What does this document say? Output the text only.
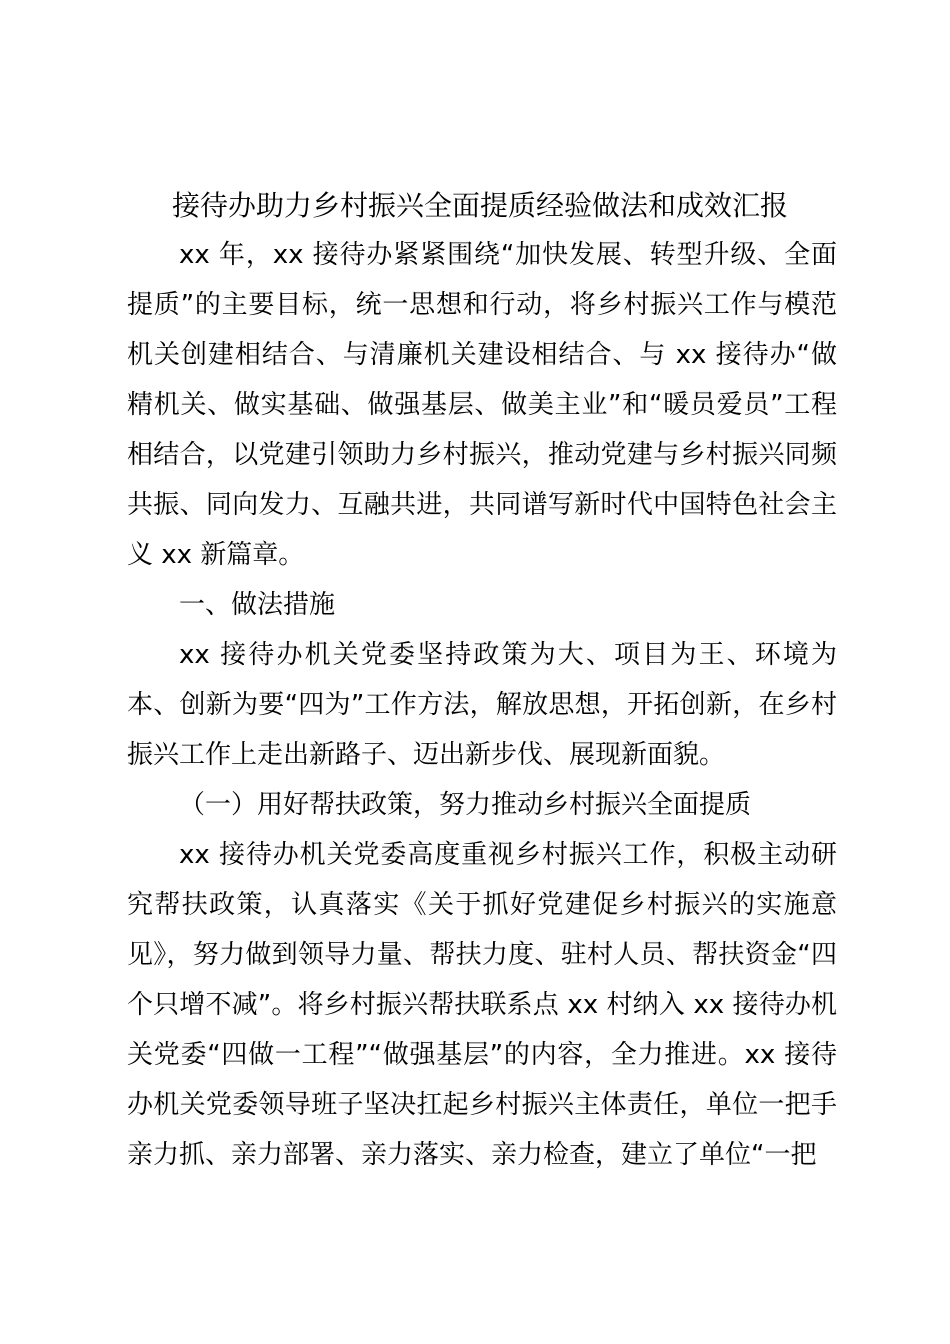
接待办助力乡村振兴全面提质经验做法和成效汇报

xx 年，xx 接待办紧紧围绕“加快发展、转型升级、全面提质”的主要目标，统一思想和行动，将乡村振兴工作与模范机关创建相结合、与清廉机关建设相结合、与 xx 接待办“做精机关、做实基础、做强基层、做美主业”和“暖员爱员”工程相结合，以党建引领助力乡村振兴，推动党建与乡村振兴同频共振、同向发力、互融共进，共同谱写新时代中国特色社会主义 xx 新篇章。

一、做法措施

xx 接待办机关党委坚持政策为大、项目为王、环境为本、创新为要“四为”工作方法，解放思想，开拓创新，在乡村振兴工作上走出新路子、迈出新步伐、展现新面貌。

（一）用好帮扶政策，努力推动乡村振兴全面提质

xx 接待办机关党委高度重视乡村振兴工作，积极主动研究帮扶政策，认真落实《关于抓好党建促乡村振兴的实施意见》，努力做到领导力量、帮扶力度、驻村人员、帮扶资金“四个只增不减”。将乡村振兴帮扶联系点 xx 村纳入 xx 接待办机关党委“四做一工程”“做强基层”的内容，全力推进。xx 接待办机关党委领导班子坚决扛起乡村振兴主体责任，单位一把手亲力抓、亲力部署、亲力落实、亲力检查，建立了单位“一把
